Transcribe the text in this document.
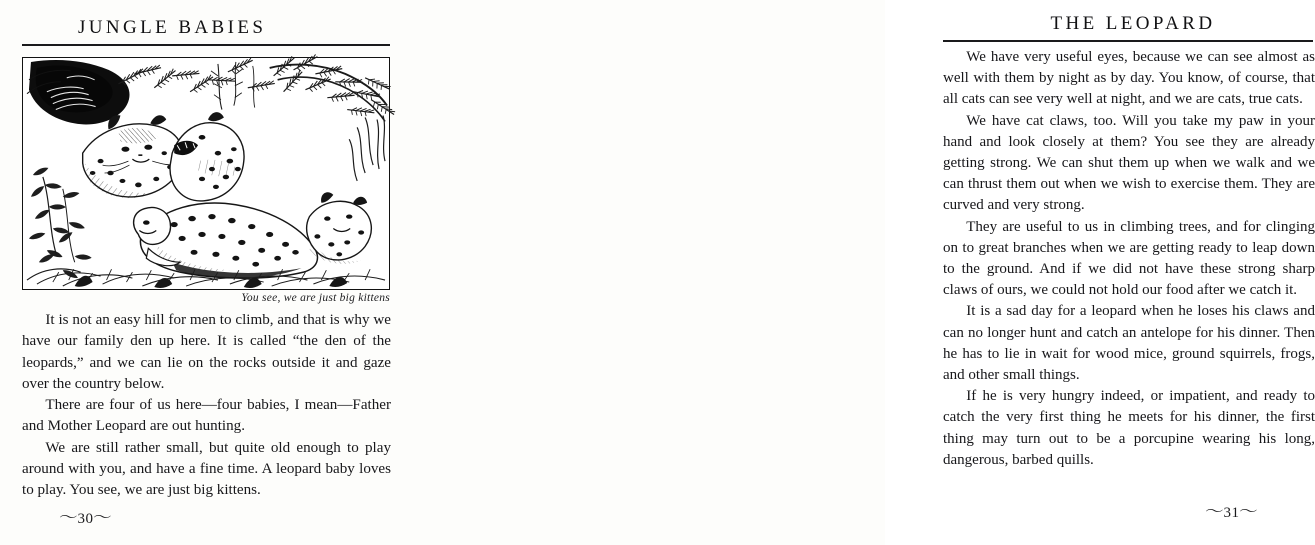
JUNGLE BABIES
You see, we are just big kittens

It is not an easy hill for men to climb, and that is why we have our family den up here. It is called “the den of the leopards,” and we can lie on the rocks outside it and gaze over the country below.

There are four of us here—four babies, I mean—Father and Mother Leopard are out hunting.

We are still rather small, but quite old enough to play around with you, and have a fine time. A leopard baby loves to play. You see, we are just big kittens.

〜30〜
THE LEOPARD

We have very useful eyes, because we can see almost as well with them by night as by day. You know, of course, that all cats can see very well at night, and we are cats, true cats.

We have cat claws, too. Will you take my paw in your hand and look closely at them? You see they are already getting strong. We can shut them up when we walk and we can thrust them out when we wish to exercise them. They are curved and very strong.

They are useful to us in climbing trees, and for clinging on to great branches when we are getting ready to leap down to the ground. And if we did not have these strong sharp claws of ours, we could not hold our food after we catch it.

It is a sad day for a leopard when he loses his claws and can no longer hunt and catch an antelope for his dinner. Then he has to lie in wait for wood mice, ground squirrels, frogs, and other small things.

If he is very hungry indeed, or impatient, and ready to catch the very first thing he meets for his dinner, the first thing may turn out to be a porcupine wearing his long, dangerous, barbed quills.

〜31〜
